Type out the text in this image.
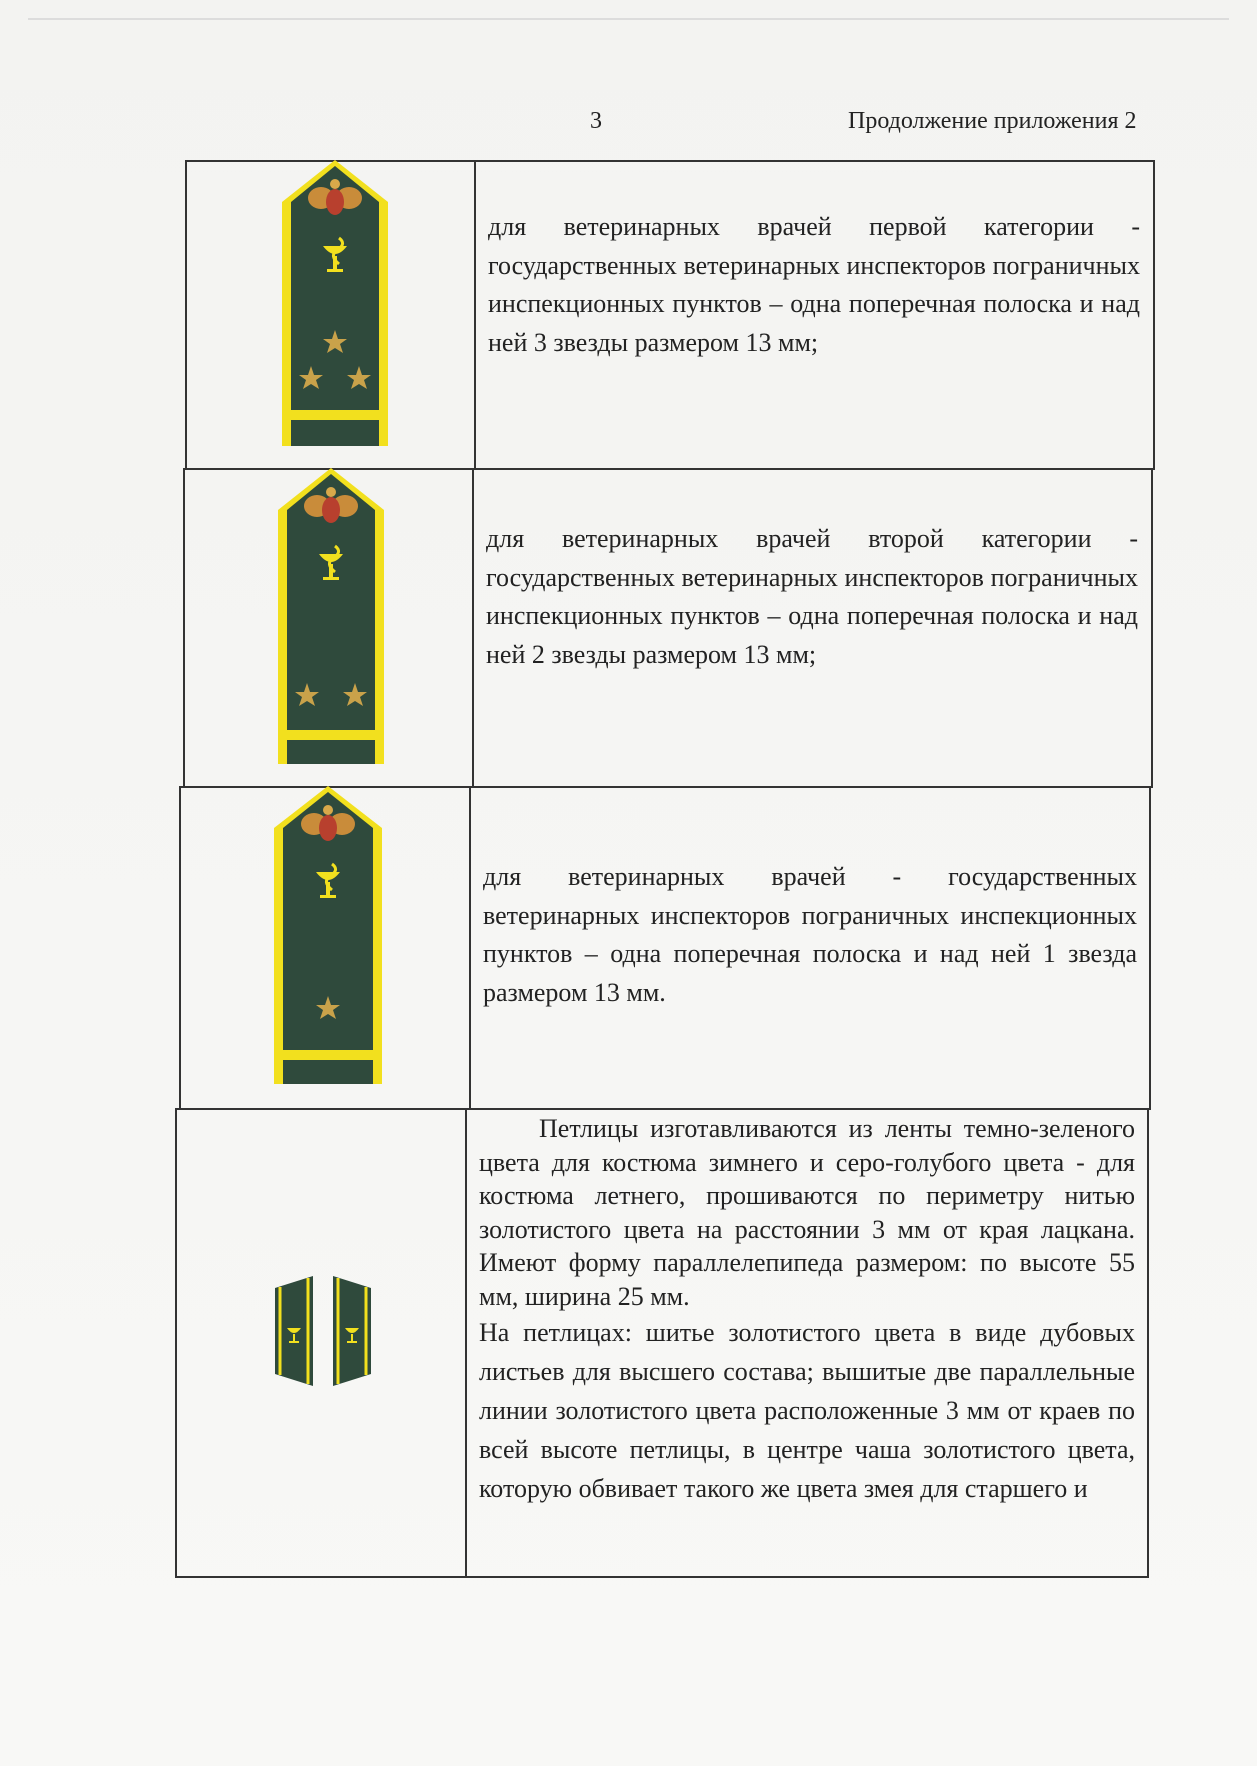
3	Продолжение приложения 2

для ветеринарных врачей первой категории - государственных ветеринарных инспекторов пограничных инспекционных пунктов – одна поперечная полоска и над ней 3 звезды размером 13 мм;

для ветеринарных врачей второй категории - государственных ветеринарных инспекторов пограничных инспекционных пунктов – одна поперечная полоска и над ней 2 звезды размером 13 мм;

для ветеринарных врачей - государственных ветеринарных инспекторов пограничных инспекционных пунктов – одна поперечная полоска и над ней 1 звезда размером 13 мм.

Петлицы изготавливаются из ленты темно-зеленого цвета для костюма зимнего и серо-голубого цвета - для костюма летнего, прошиваются по периметру нитью золотистого цвета на расстоянии 3 мм от края лацкана. Имеют форму параллелепипеда размером: по высоте 55 мм, ширина 25 мм.

На петлицах: шитье золотистого цвета в виде дубовых листьев для высшего состава; вышитые две параллельные линии золотистого цвета расположенные 3 мм от краев по всей высоте петлицы, в центре чаша золотистого цвета, которую обвивает такого же цвета змея для старшего и
